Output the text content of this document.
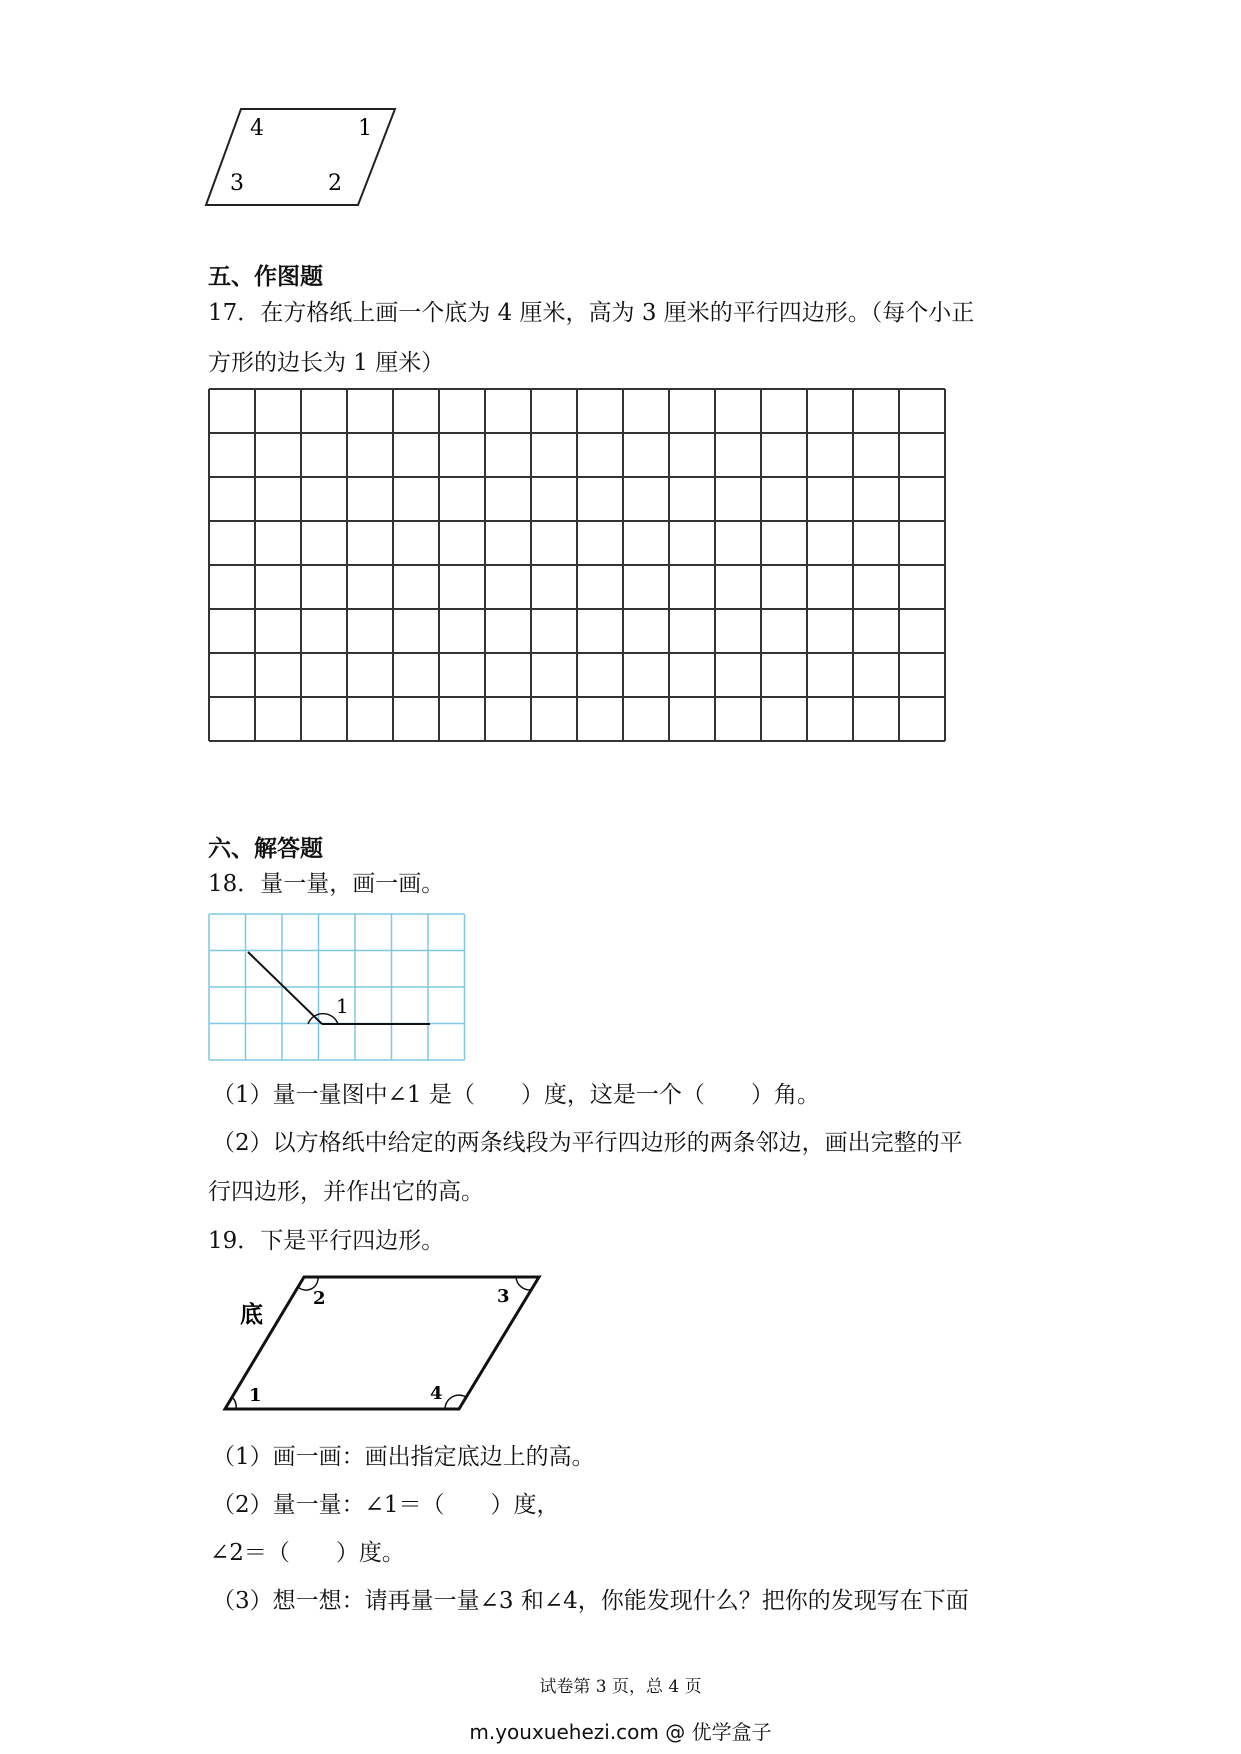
4	1
3	2
五、作图题
17．在方格纸上画一个底为 4 厘米，高为 3 厘米的平行四边形。（每个小正
方形的边长为 1 厘米）
六、解答题
18．量一量，画一画。
1
（1）量一量图中∠1 是（　　）度，这是一个（　　）角。
（2）以方格纸中给定的两条线段为平行四边形的两条邻边，画出完整的平
行四边形，并作出它的高。
19．下是平行四边形。
底
1
2	3
4
（1）画一画：画出指定底边上的高。
（2）量一量：∠1＝（　　）度，
∠2＝（　　）度。
（3）想一想：请再量一量∠3 和∠4，你能发现什么？把你的发现写在下面
试卷第 3 页，总 4 页
m.youxuehezi.com @ 优学盒子
